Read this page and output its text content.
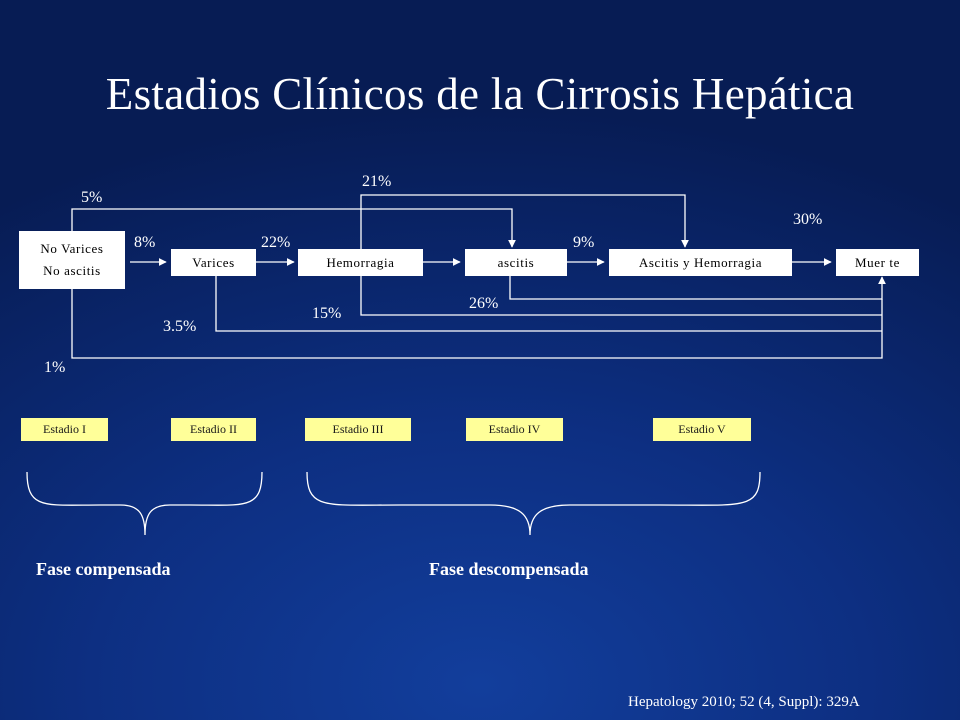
Estadios Clínicos de la Cirrosis Hepática
No Varices
No ascitis
Varices	Hemorragia	ascitis	Ascitis y Hemorragia	Muer te
5%
8%	22%
21%
9%
30%
26%
15%
3.5%
1%
Estadio I	Estadio II	Estadio III	Estadio IV	Estadio V
Fase compensada	Fase descompensada
Hepatology 2010; 52 (4, Suppl): 329A
